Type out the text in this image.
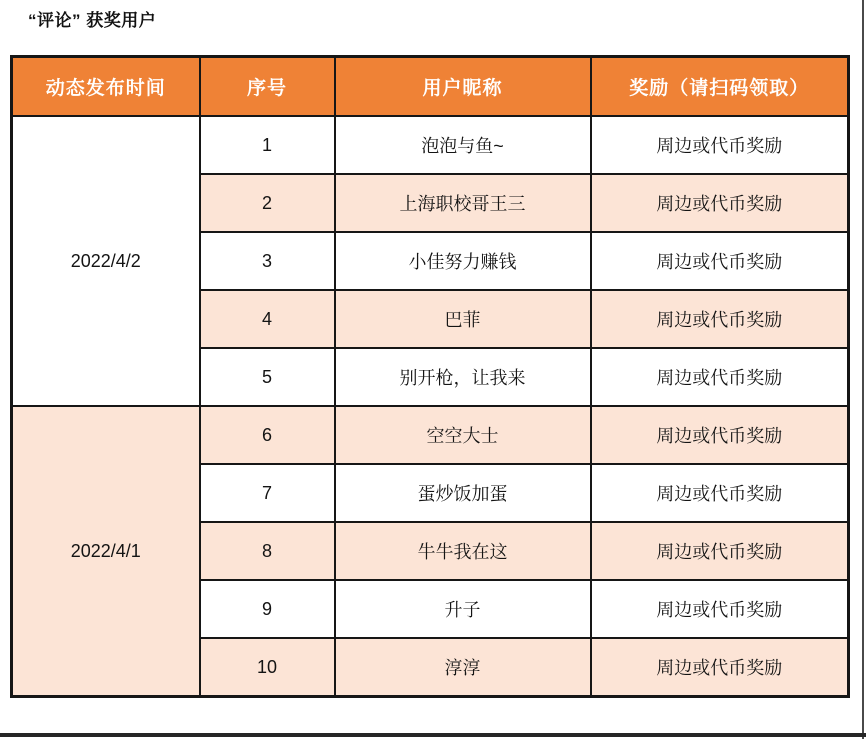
“评论” 获奖用户
动态发布时间	序号	用户昵称	奖励（请扫码领取）
2022/4/2	1	泡泡与鱼~	周边或代币奖励
	2	上海职校哥王三	周边或代币奖励
	3	小佳努力赚钱	周边或代币奖励
	4	巴菲	周边或代币奖励
	5	别开枪，让我来	周边或代币奖励
2022/4/1	6	空空大士	周边或代币奖励
	7	蛋炒饭加蛋	周边或代币奖励
	8	牛牛我在这	周边或代币奖励
	9	升子	周边或代币奖励
	10	淳淳	周边或代币奖励
